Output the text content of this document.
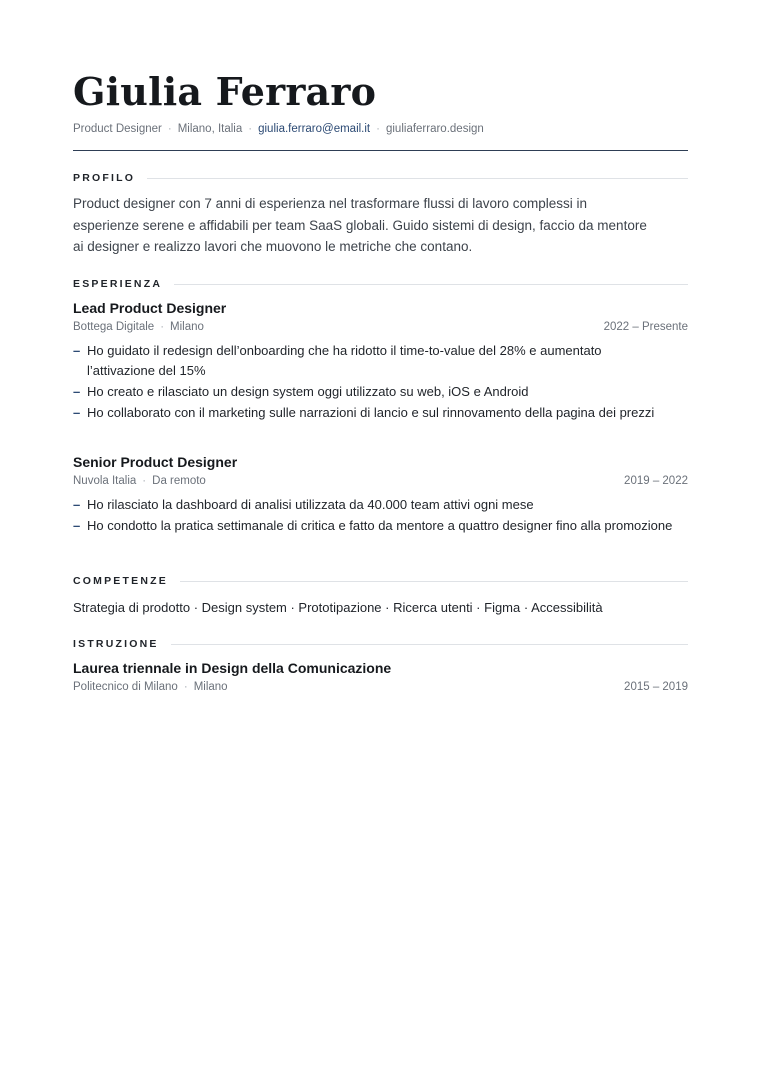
Giulia Ferraro
Product Designer · Milano, Italia · giulia.ferraro@email.it · giuliaferraro.design
PROFILO
Product designer con 7 anni di esperienza nel trasformare flussi di lavoro complessi in esperienze serene e affidabili per team SaaS globali. Guido sistemi di design, faccio da mentore ai designer e realizzo lavori che muovono le metriche che contano.
ESPERIENZA
Lead Product Designer
Bottega Digitale · Milano	2022 – Presente
– Ho guidato il redesign dell’onboarding che ha ridotto il time-to-value del 28% e aumentato l’attivazione del 15%
– Ho creato e rilasciato un design system oggi utilizzato su web, iOS e Android
– Ho collaborato con il marketing sulle narrazioni di lancio e sul rinnovamento della pagina dei prezzi
Senior Product Designer
Nuvola Italia · Da remoto	2019 – 2022
– Ho rilasciato la dashboard di analisi utilizzata da 40.000 team attivi ogni mese
– Ho condotto la pratica settimanale di critica e fatto da mentore a quattro designer fino alla promozione
COMPETENZE
Strategia di prodotto · Design system · Prototipazione · Ricerca utenti · Figma · Accessibilità
ISTRUZIONE
Laurea triennale in Design della Comunicazione
Politecnico di Milano · Milano	2015 – 2019
